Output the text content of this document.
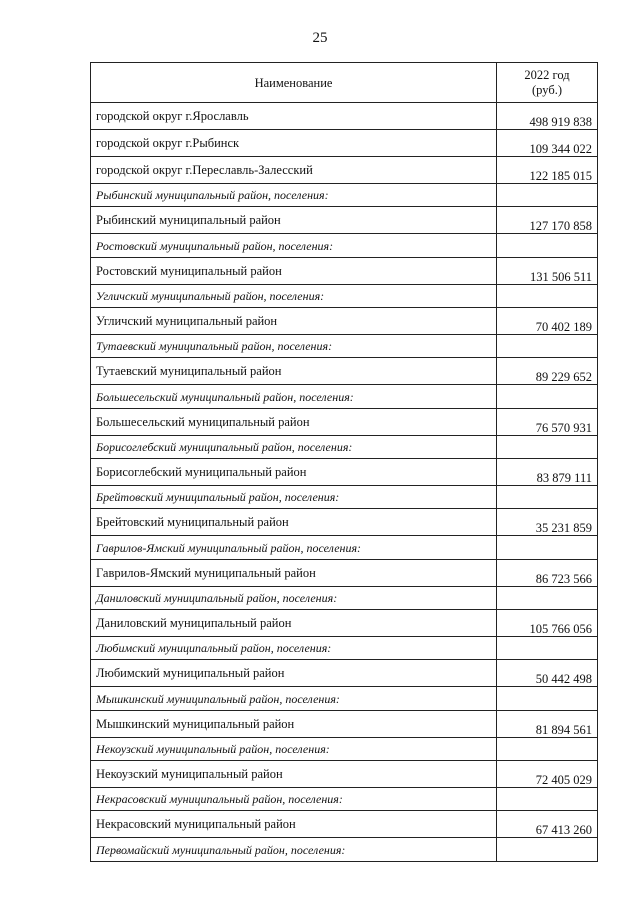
25
Наименование	2022 год
(руб.)

городской округ г.Ярославль	498 919 838
городской округ г.Рыбинск	109 344 022
городской округ г.Переславль-Залесский	122 185 015
Рыбинский муниципальный район, поселения:	
Рыбинский муниципальный район	127 170 858
Ростовский муниципальный район, поселения:	
Ростовский муниципальный район	131 506 511
Угличский муниципальный район, поселения:	
Угличский муниципальный район	70 402 189
Тутаевский муниципальный район, поселения:	
Тутаевский муниципальный район	89 229 652
Большесельский муниципальный район, поселения:	
Большесельский муниципальный район	76 570 931
Борисоглебский муниципальный район, поселения:	
Борисоглебский муниципальный район	83 879 111
Брейтовский муниципальный район, поселения:	
Брейтовский муниципальный район	35 231 859
Гаврилов-Ямский муниципальный район, поселения:	
Гаврилов-Ямский муниципальный район	86 723 566
Даниловский муниципальный район, поселения:	
Даниловский муниципальный район	105 766 056
Любимский муниципальный район, поселения:	
Любимский муниципальный район	50 442 498
Мышкинский муниципальный район, поселения:	
Мышкинский муниципальный район	81 894 561
Некоузский муниципальный район, поселения:	
Некоузский муниципальный район	72 405 029
Некрасовский муниципальный район, поселения:	
Некрасовский муниципальный район	67 413 260
Первомайский муниципальный район, поселения:	
